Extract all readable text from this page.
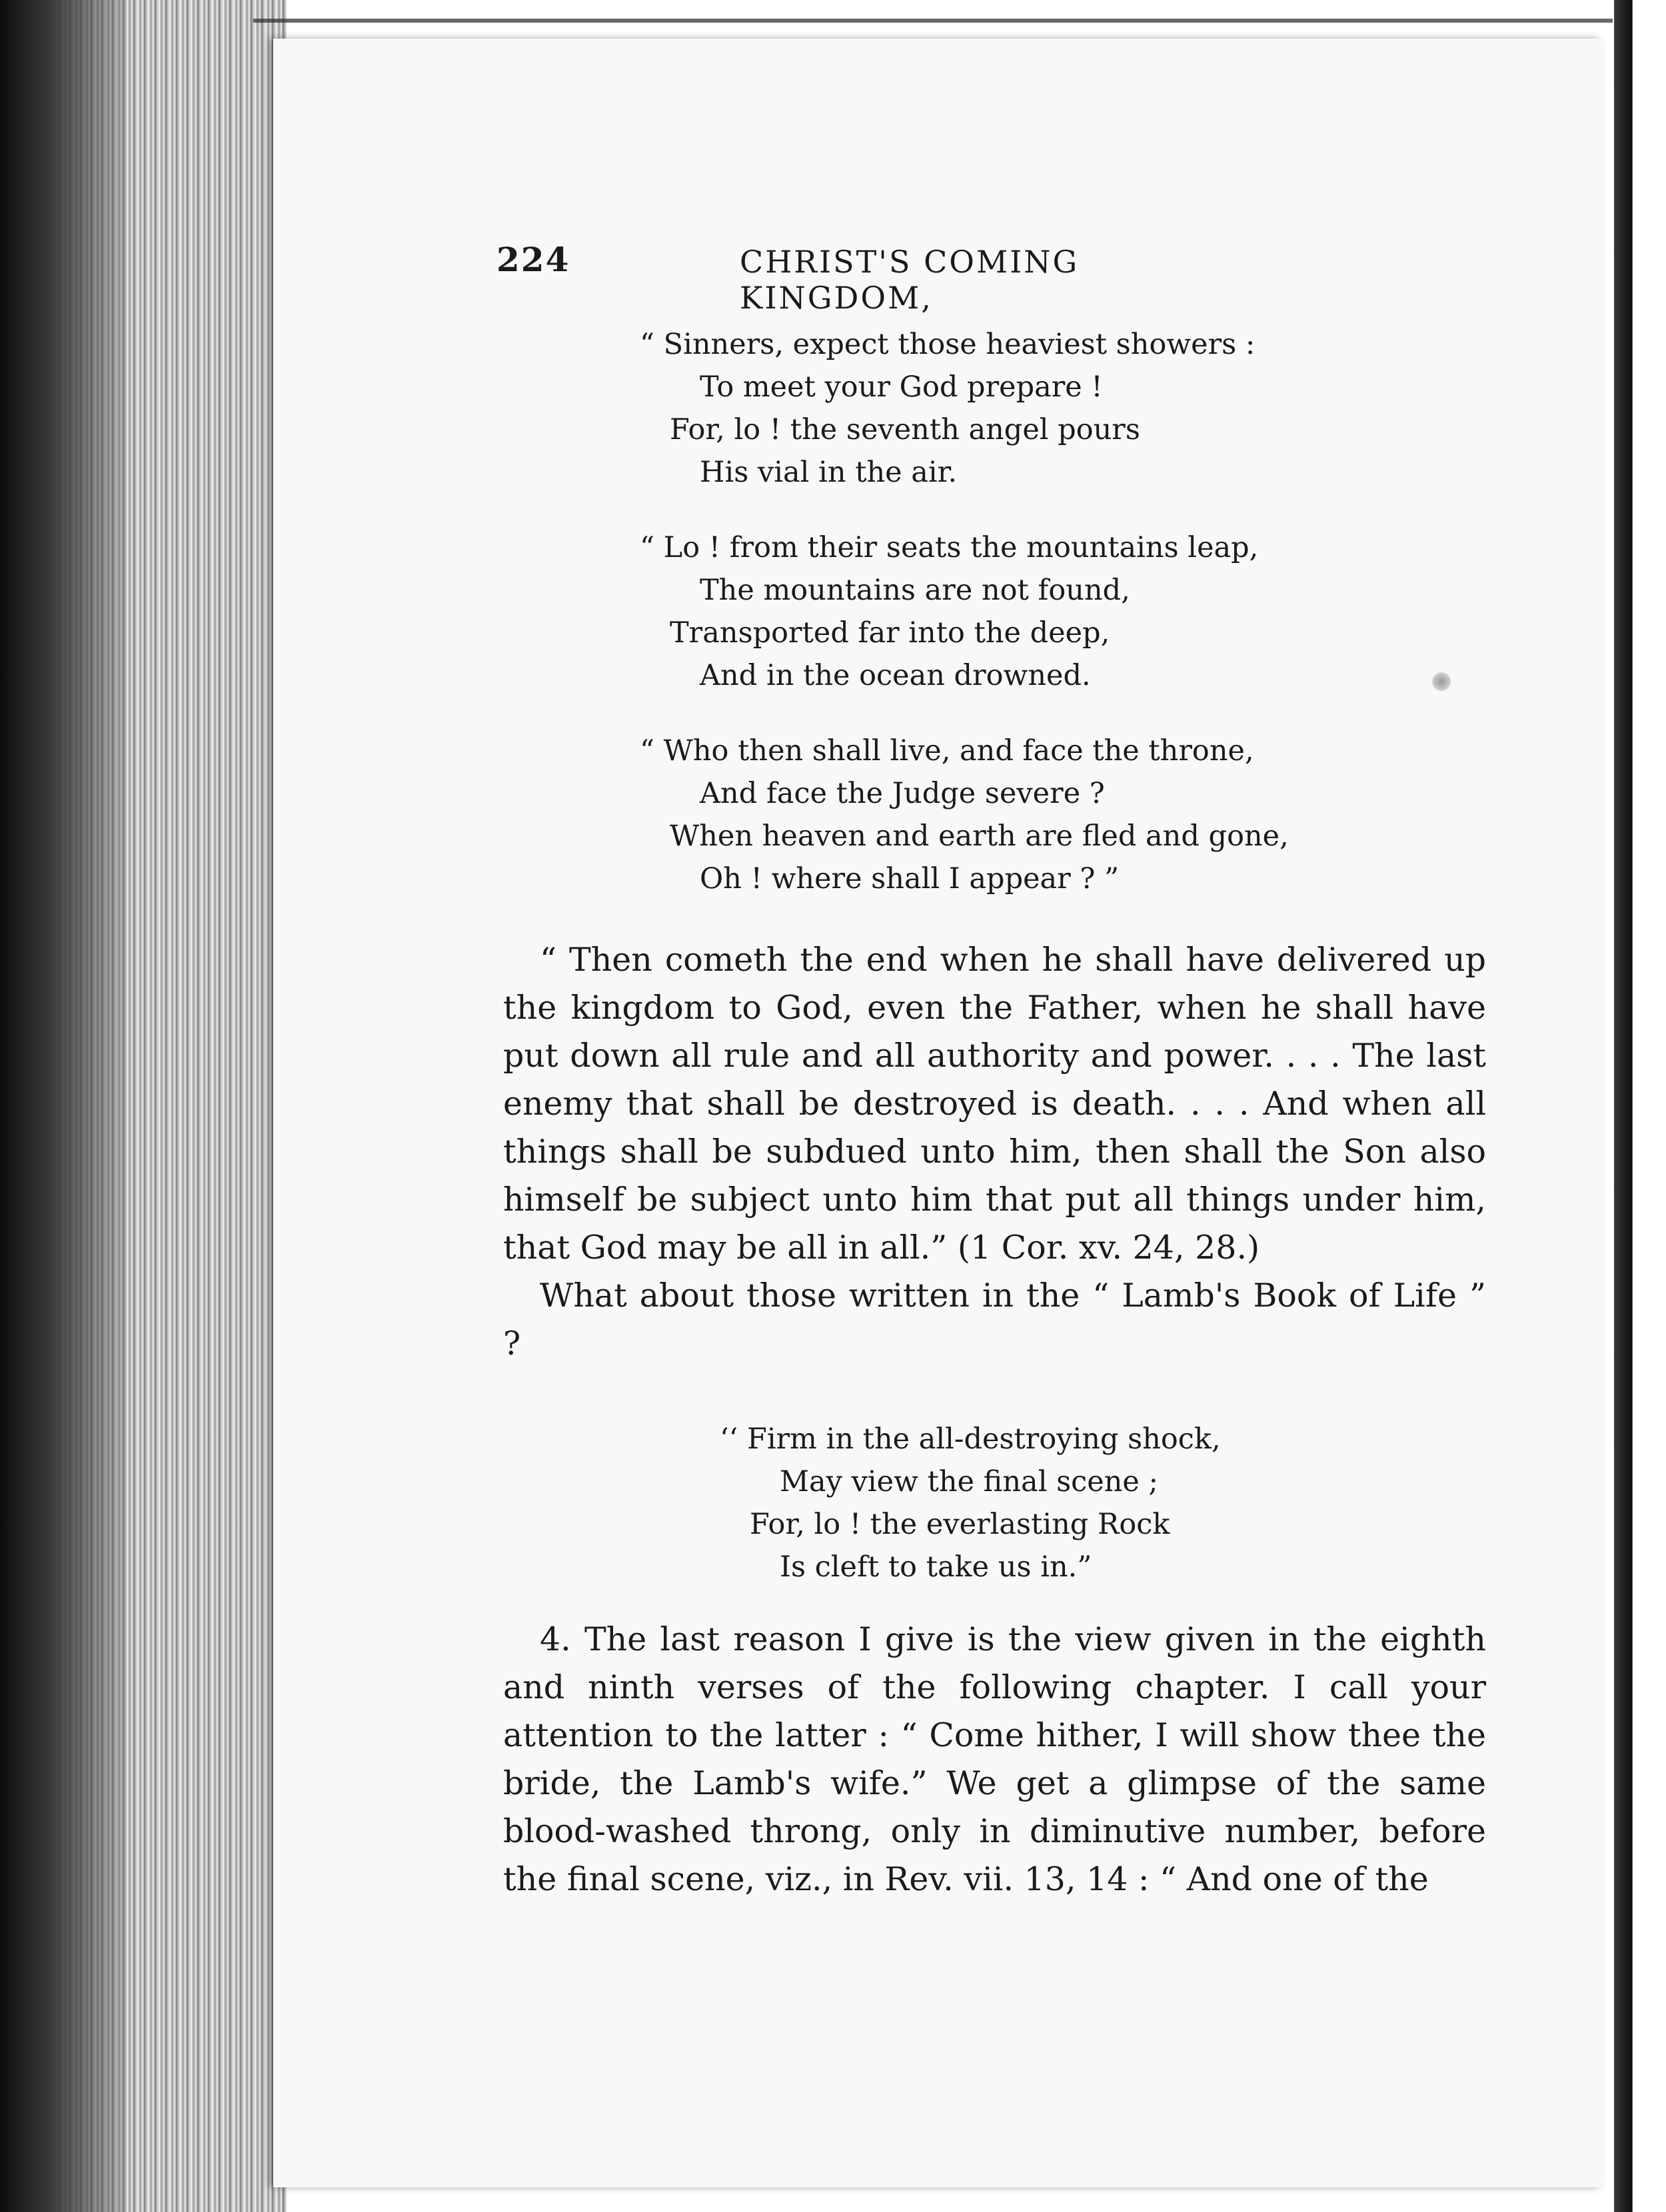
224	CHRIST'S COMING KINGDOM,
“ Sinners, expect those heaviest showers :
To meet your God prepare !
For, lo ! the seventh angel pours
His vial in the air.
“ Lo ! from their seats the mountains leap,
The mountains are not found,
Transported far into the deep,
And in the ocean drowned.
“ Who then shall live, and face the throne,
And face the Judge severe ?
When heaven and earth are fled and gone,
Oh ! where shall I appear ? ”

“ Then cometh the end when he shall have delivered up the kingdom to God, even the Father, when he shall have put down all rule and all authority and power. . . . The last enemy that shall be destroyed is death. . . . And when all things shall be subdued unto him, then shall the Son also himself be subject unto him that put all things under him, that God may be all in all.” (1 Cor. xv. 24, 28.)

What about those written in the “ Lamb's Book of Life ” ?

‘‘ Firm in the all-destroying shock,
May view the final scene ;
For, lo ! the everlasting Rock
Is cleft to take us in.”

4. The last reason I give is the view given in the eighth and ninth verses of the following chapter. I call your attention to the latter : “ Come hither, I will show thee the bride, the Lamb's wife.” We get a glimpse of the same blood-washed throng, only in diminutive number, before the final scene, viz., in Rev. vii. 13, 14 : “ And one of the
